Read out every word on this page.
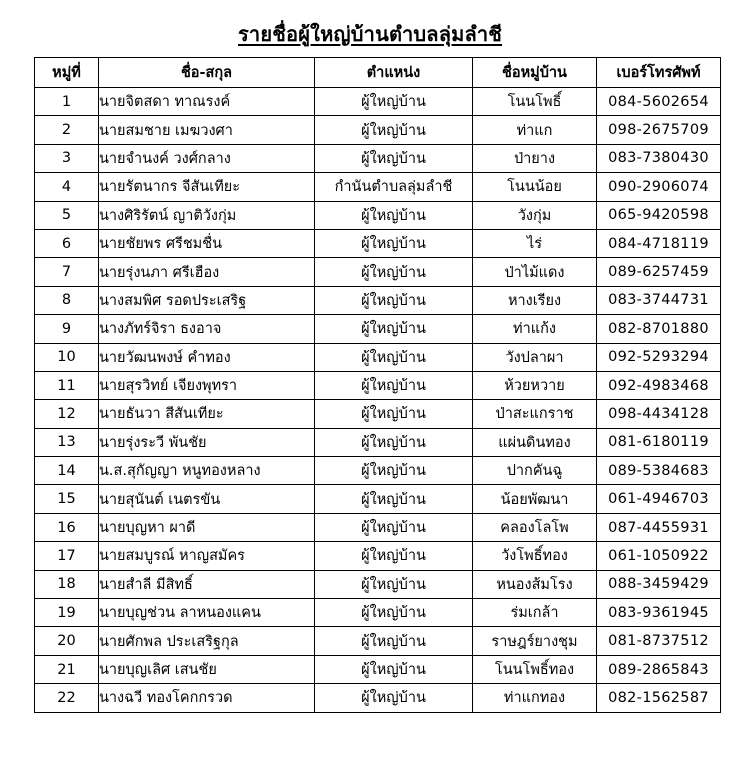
รายชื่อผู้ใหญ่บ้านตำบลลุ่มลำชี
หมู่ที่	ชื่อ-สกุล	ตำแหน่ง	ชื่อหมู่บ้าน	เบอร์โทรศัพท์
1	นายจิตสดา ทาณรงค์	ผู้ใหญ่บ้าน	โนนโพธิ์	084-5602654
2	นายสมชาย เมฆวงศา	ผู้ใหญ่บ้าน	ท่าแก	098-2675709
3	นายจำนงค์ วงศ์กลาง	ผู้ใหญ่บ้าน	ป่ายาง	083-7380430
4	นายรัตนากร จีสันเทียะ	กำนันตำบลลุ่มลำชี	โนนน้อย	090-2906074
5	นางศิริรัตน์ ญาติวังกุ่ม	ผู้ใหญ่บ้าน	วังกุ่ม	065-9420598
6	นายชัยพร ศรีชมชื่น	ผู้ใหญ่บ้าน	ไร่	084-4718119
7	นายรุ่งนภา ศรีเฮือง	ผู้ใหญ่บ้าน	ป่าไม้แดง	089-6257459
8	นางสมพิศ รอดประเสริฐ	ผู้ใหญ่บ้าน	หางเรียง	083-3744731
9	นางภัทร์จิรา ธงอาจ	ผู้ใหญ่บ้าน	ท่าแก้ง	082-8701880
10	นายวัฒนพงษ์ คำทอง	ผู้ใหญ่บ้าน	วังปลาผา	092-5293294
11	นายสุรวิทย์ เจียงพุทรา	ผู้ใหญ่บ้าน	ห้วยหวาย	092-4983468
12	นายธันวา สีสันเทียะ	ผู้ใหญ่บ้าน	ป่าสะแกราช	098-4434128
13	นายรุ่งระวี พันชัย	ผู้ใหญ่บ้าน	แผ่นดินทอง	081-6180119
14	น.ส.สุกัญญา หนูทองหลาง	ผู้ใหญ่บ้าน	ปากคันฉู	089-5384683
15	นายสุนันต์ เนตรขัน	ผู้ใหญ่บ้าน	น้อยพัฒนา	061-4946703
16	นายบุญหา ผาดี	ผู้ใหญ่บ้าน	คลองโลโพ	087-4455931
17	นายสมบูรณ์ หาญสมัคร	ผู้ใหญ่บ้าน	วังโพธิ์ทอง	061-1050922
18	นายสำลี มีสิทธิ์	ผู้ใหญ่บ้าน	หนองส้มโรง	088-3459429
19	นายบุญช่วน ลาหนองแคน	ผู้ใหญ่บ้าน	ร่มเกล้า	083-9361945
20	นายศักพล ประเสริฐกุล	ผู้ใหญ่บ้าน	ราษฎร์ยางชุม	081-8737512
21	นายบุญเลิศ เสนชัย	ผู้ใหญ่บ้าน	โนนโพธิ์ทอง	089-2865843
22	นางฉวี ทองโคกกรวด	ผู้ใหญ่บ้าน	ท่าแกทอง	082-1562587
